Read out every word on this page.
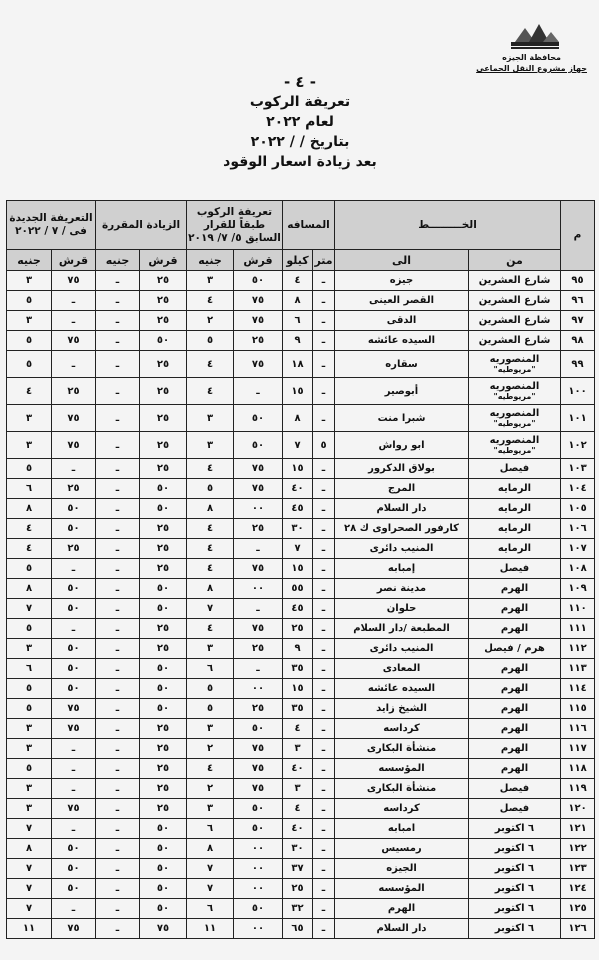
محافظة الجيزه
جهاز مشروع النقل الجماعى
- ٤ -
تعريفة الركوب
لعام ٢٠٢٢
بتاريخ / / ٢٠٢٢
بعد زيادة اسعار الوقود
م	الخـــــــــط		المسافه		تعريفة الركوب طبقاً للقرار السابق ٥/ ٧/ ٢٠١٩		الزيادة المقررة		التعريفة الجديدة فى / ٧ / ٢٠٢٢	
	من	الى	متر	كيلو	قرش	جنيه	قرش	جنيه	قرش	جنيه
٩٥	شارع العشرين	جيزه	ـ	٤	٥٠	٣	٢٥	ـ	٧٥	٣
٩٦	شارع العشرين	القصر العينى	ـ	٨	٧٥	٤	٢٥	ـ	ـ	٥
٩٧	شارع العشرين	الدقى	ـ	٦	٧٥	٢	٢٥	ـ	ـ	٣
٩٨	شارع العشرين	السيده عائشه	ـ	٩	٢٥	٥	٥٠	ـ	٧٥	٥
٩٩	المنصوريه
"مريوطيه"	سقاره	ـ	١٨	٧٥	٤	٢٥	ـ	ـ	٥
١٠٠	المنصوريه
"مريوطيه"	أبوصير	ـ	١٥	ـ	٤	٢٥	ـ	٢٥	٤
١٠١	المنصوريه
"مريوطيه"	شبرا منت	ـ	٨	٥٠	٣	٢٥	ـ	٧٥	٣
١٠٢	المنصوريه
"مريوطيه"	ابو رواش	٥	٧	٥٠	٣	٢٥	ـ	٧٥	٣
١٠٣	فيصل	بولاق الدكرور	ـ	١٥	٧٥	٤	٢٥	ـ	ـ	٥
١٠٤	الرمايه	المرج	ـ	٤٠	٧٥	٥	٥٠	ـ	٢٥	٦
١٠٥	الرمايه	دار السلام	ـ	٤٥	٠٠	٨	٥٠	ـ	٥٠	٨
١٠٦	الرمايه	كارفور الصحراوى ك ٢٨	ـ	٣٠	٢٥	٤	٢٥	ـ	٥٠	٤
١٠٧	الرمايه	المنيب دائرى	ـ	٧	ـ	٤	٢٥	ـ	٢٥	٤
١٠٨	فيصل	إمبابه	ـ	١٥	٧٥	٤	٢٥	ـ	ـ	٥
١٠٩	الهرم	مدينة نصر	ـ	٥٥	٠٠	٨	٥٠	ـ	٥٠	٨
١١٠	الهرم	حلوان	ـ	٤٥	ـ	٧	٥٠	ـ	٥٠	٧
١١١	الهرم	المطبعة /دار السلام	ـ	٢٥	٧٥	٤	٢٥	ـ	ـ	٥
١١٢	هرم / فيصل	المنيب دائرى	ـ	٩	٢٥	٣	٢٥	ـ	٥٠	٣
١١٣	الهرم	المعادى	ـ	٣٥	ـ	٦	٥٠	ـ	٥٠	٦
١١٤	الهرم	السيده عائشه	ـ	١٥	٠٠	٥	٥٠	ـ	٥٠	٥
١١٥	الهرم	الشيخ زايد	ـ	٣٥	٢٥	٥	٥٠	ـ	٧٥	٥
١١٦	الهرم	كرداسه	ـ	٤	٥٠	٣	٢٥	ـ	٧٥	٣
١١٧	الهرم	منشأة البكارى	ـ	٣	٧٥	٢	٢٥	ـ	ـ	٣
١١٨	الهرم	المؤسسه	ـ	٤٠	٧٥	٤	٢٥	ـ	ـ	٥
١١٩	فيصل	منشأة البكارى	ـ	٣	٧٥	٢	٢٥	ـ	ـ	٣
١٢٠	فيصل	كرداسه	ـ	٤	٥٠	٣	٢٥	ـ	٧٥	٣
١٢١	٦ اكتوبر	امبابه	ـ	٤٠	٥٠	٦	٥٠	ـ	ـ	٧
١٢٢	٦ اكتوبر	رمسيس	ـ	٣٠	٠٠	٨	٥٠	ـ	٥٠	٨
١٢٣	٦ اكتوبر	الجيزه	ـ	٣٧	٠٠	٧	٥٠	ـ	٥٠	٧
١٢٤	٦ اكتوبر	المؤسسه	ـ	٢٥	٠٠	٧	٥٠	ـ	٥٠	٧
١٢٥	٦ اكتوبر	الهرم	ـ	٣٢	٥٠	٦	٥٠	ـ	ـ	٧
١٢٦	٦ اكتوبر	دار السلام	ـ	٦٥	٠٠	١١	٧٥	ـ	٧٥	١١
